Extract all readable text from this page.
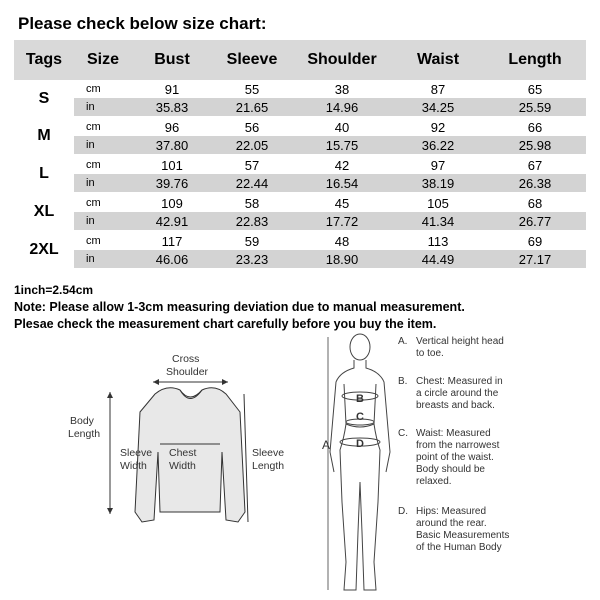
Please check below size chart:
Tags	Size	Bust	Sleeve	Shoulder	Waist	Length
S	cm	91	55	38	87	65
	in	35.83	21.65	14.96	34.25	25.59
M	cm	96	56	40	92	66
	in	37.80	22.05	15.75	36.22	25.98
L	cm	101	57	42	97	67
	in	39.76	22.44	16.54	38.19	26.38
XL	cm	109	58	45	105	68
	in	42.91	22.83	17.72	41.34	26.77
2XL	cm	117	59	48	113	69
	in	46.06	23.23	18.90	44.49	27.17
1inch=2.54cm
Note: Please allow 1-3cm measuring deviation due to manual measurement.
Plesae check the measurement chart carefully before you buy the item.
Cross
Shoulder
Body
Length
Chest
Width
Sleeve
Width
Sleeve
Length
A
B
C
D
A. Vertical height head
to toe.
B. Chest: Measured in
a circle around the
breasts and back.
C. Waist: Measured
from the narrowest
point of the waist.
Body should be
relaxed.
D. Hips: Measured
around the rear.
Basic Measurements
of the Human Body
